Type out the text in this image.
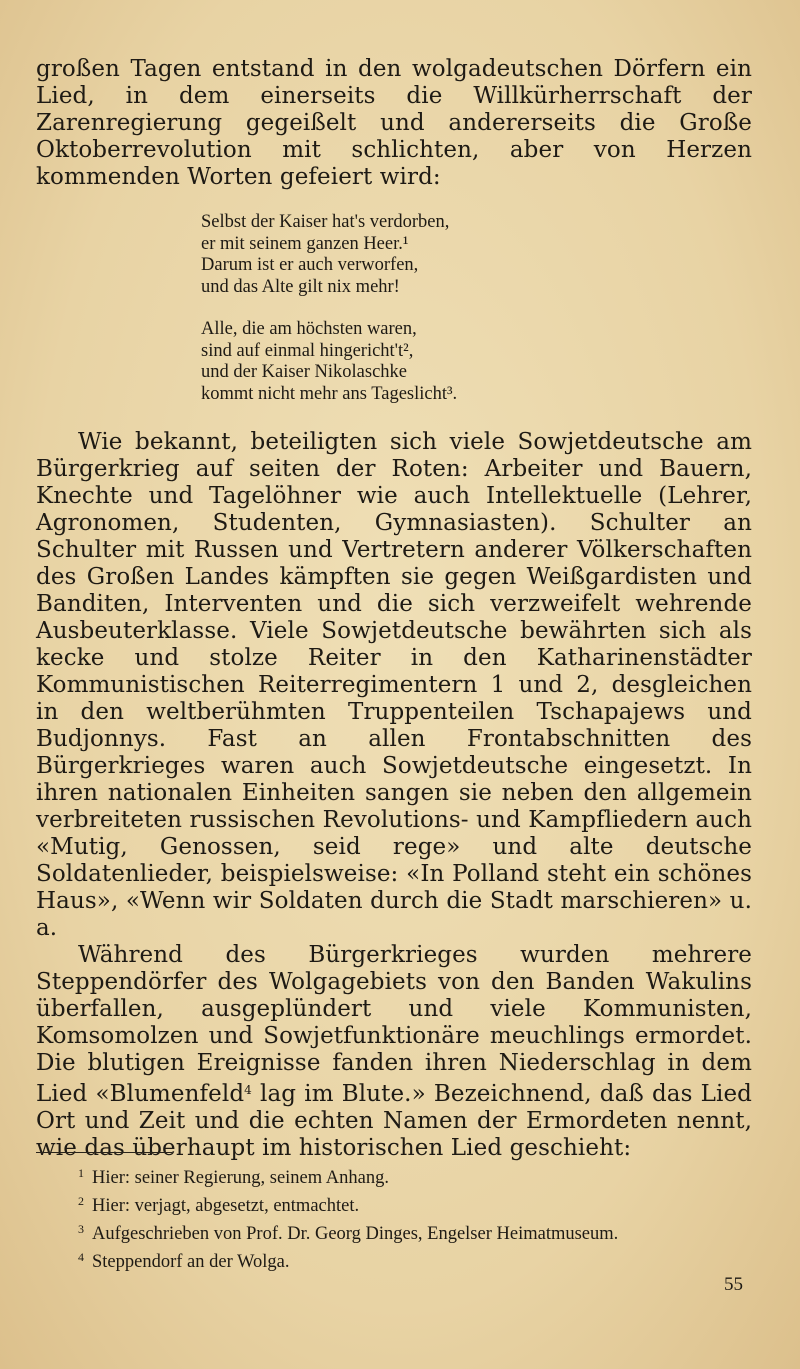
großen Tagen entstand in den wolgadeutschen Dörfern ein Lied, in dem einerseits die Willkürherrschaft der Zarenregierung gegeißelt und andererseits die Große Oktoberrevolution mit schlichten, aber von Herzen kommenden Worten gefeiert wird:

Selbst der Kaiser hat's verdorben,
er mit seinem ganzen Heer.¹
Darum ist er auch verworfen,
und das Alte gilt nix mehr!
Alle, die am höchsten waren,
sind auf einmal hingericht't²,
und der Kaiser Nikolaschke
kommt nicht mehr ans Tageslicht³.

Wie bekannt, beteiligten sich viele Sowjetdeutsche am Bürgerkrieg auf seiten der Roten: Arbeiter und Bauern, Knechte und Tagelöhner wie auch Intellektuelle (Lehrer, Agronomen, Studenten, Gymnasiasten). Schulter an Schulter mit Russen und Vertretern anderer Völkerschaften des Großen Landes kämpften sie gegen Weißgardisten und Banditen, Interventen und die sich verzweifelt wehrende Ausbeuterklasse. Viele Sowjetdeutsche bewährten sich als kecke und stolze Reiter in den Katharinenstädter Kommunistischen Reiterregimentern 1 und 2, desgleichen in den weltberühmten Truppenteilen Tschapajews und Budjonnys. Fast an allen Frontabschnitten des Bürgerkrieges waren auch Sowjetdeutsche eingesetzt. In ihren nationalen Einheiten sangen sie neben den allgemein verbreiteten russischen Revolutions- und Kampfliedern auch «Mutig, Genossen, seid rege» und alte deutsche Soldatenlieder, beispielsweise: «In Polland steht ein schönes Haus», «Wenn wir Soldaten durch die Stadt marschieren» u. a.

Während des Bürgerkrieges wurden mehrere Steppendörfer des Wolgagebiets von den Banden Wakulins überfallen, ausgeplündert und viele Kommunisten, Komsomolzen und Sowjetfunktionäre meuchlings ermordet. Die blutigen Ereignisse fanden ihren Niederschlag in dem Lied «Blumenfeld$^4$ lag im Blute.» Bezeichnend, daß das Lied Ort und Zeit und die echten Namen der Ermordeten nennt, wie das überhaupt im historischen Lied geschieht:

$^1$ Hier: seiner Regierung, seinem Anhang.

$^2$ Hier: verjagt, abgesetzt, entmachtet.

$^3$ Aufgeschrieben von Prof. Dr. Georg Dinges, Engelser Heimatmuseum.

$^4$ Steppendorf an der Wolga.

55
